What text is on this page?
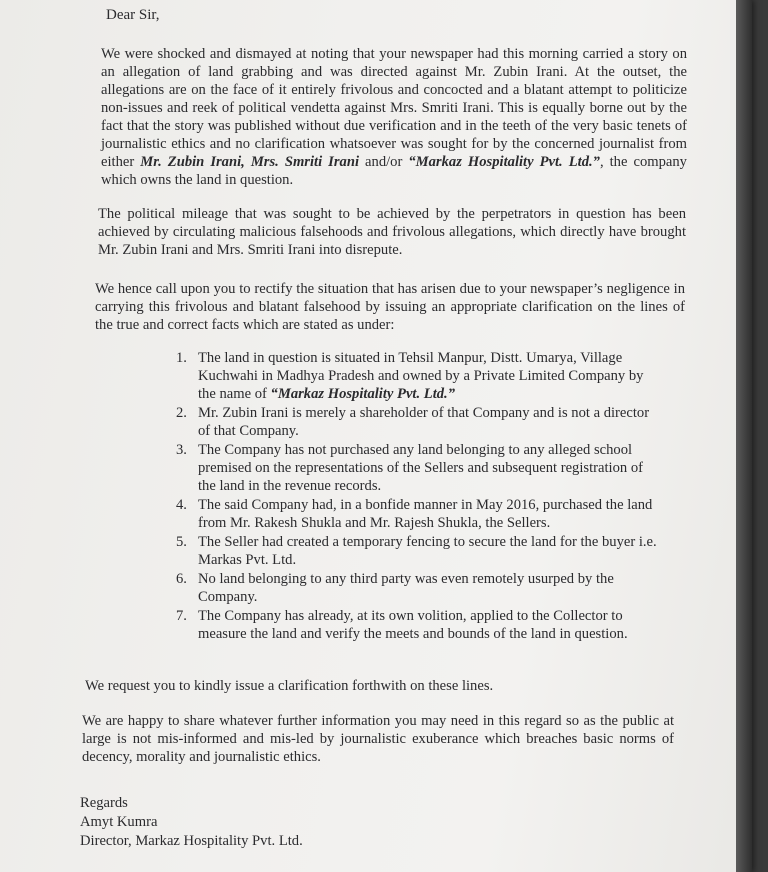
Dear Sir,

We were shocked and dismayed at noting that your newspaper had this morning carried a story on an allegation of land grabbing and was directed against Mr. Zubin Irani. At the outset, the allegations are on the face of it entirely frivolous and concocted and a blatant attempt to politicize non-issues and reek of political vendetta against Mrs. Smriti Irani. This is equally borne out by the fact that the story was published without due verification and in the teeth of the very basic tenets of journalistic ethics and no clarification whatsoever was sought for by the concerned journalist from either Mr. Zubin Irani, Mrs. Smriti Irani and/or “Markaz Hospitality Pvt. Ltd.”, the company which owns the land in question.

The political mileage that was sought to be achieved by the perpetrators in question has been achieved by circulating malicious falsehoods and frivolous allegations, which directly have brought Mr. Zubin Irani and Mrs. Smriti Irani into disrepute.

We hence call upon you to rectify the situation that has arisen due to your newspaper’s negligence in carrying this frivolous and blatant falsehood by issuing an appropriate clarification on the lines of the true and correct facts which are stated as under:

1. The land in question is situated in Tehsil Manpur, Distt. Umarya, Village Kuchwahi in Madhya Pradesh and owned by a Private Limited Company by the name of “Markaz Hospitality Pvt. Ltd.”
2. Mr. Zubin Irani is merely a shareholder of that Company and is not a director of that Company.
3. The Company has not purchased any land belonging to any alleged school premised on the representations of the Sellers and subsequent registration of the land in the revenue records.
4. The said Company had, in a bonfide manner in May 2016, purchased the land from Mr. Rakesh Shukla and Mr. Rajesh Shukla, the Sellers.
5. The Seller had created a temporary fencing to secure the land for the buyer i.e. Markas Pvt. Ltd.
6. No land belonging to any third party was even remotely usurped by the Company.
7. The Company has already, at its own volition, applied to the Collector to measure the land and verify the meets and bounds of the land in question.

We request you to kindly issue a clarification forthwith on these lines.

We are happy to share whatever further information you may need in this regard so as the public at large is not mis-informed and mis-led by journalistic exuberance which breaches basic norms of decency, morality and journalistic ethics.

Regards
Amyt Kumra
Director, Markaz Hospitality Pvt. Ltd.
